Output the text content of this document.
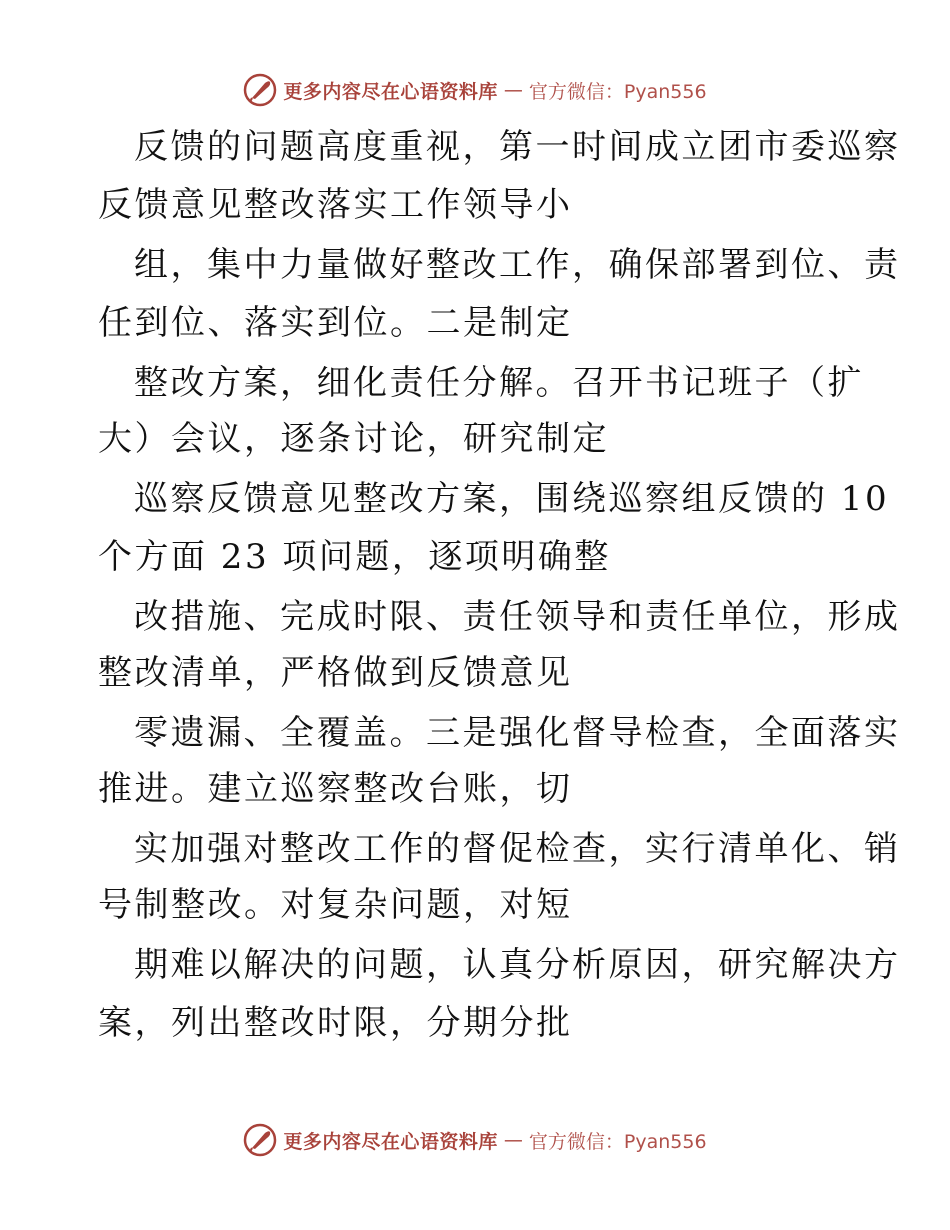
更多内容尽在心语资料库 — 官方微信：Pyan556
反馈的问题高度重视，第一时间成立团市委巡察
反馈意见整改落实工作领导小
组，集中力量做好整改工作，确保部署到位、责
任到位、落实到位。二是制定
整改方案，细化责任分解。召开书记班子（扩
大）会议，逐条讨论，研究制定
巡察反馈意见整改方案，围绕巡察组反馈的 10
个方面 23 项问题，逐项明确整
改措施、完成时限、责任领导和责任单位，形成
整改清单，严格做到反馈意见
零遗漏、全覆盖。三是强化督导检查，全面落实
推进。建立巡察整改台账，切
实加强对整改工作的督促检查，实行清单化、销
号制整改。对复杂问题，对短
期难以解决的问题，认真分析原因，研究解决方
案，列出整改时限，分期分批
更多内容尽在心语资料库 — 官方微信：Pyan556
